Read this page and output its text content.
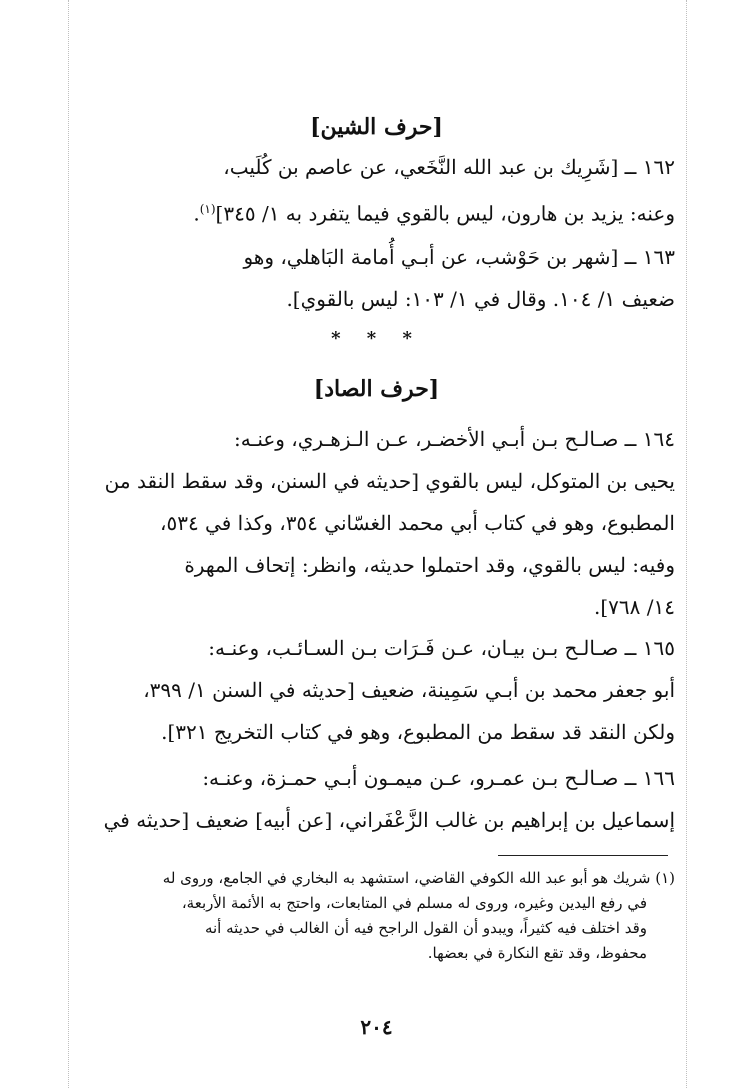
[حرف الشين]
١٦٢ ــ [شَرِيك بن عبد الله النَّخَعي، عن عاصم بن كُلَيب،
وعنه: يزيد بن هارون، ليس بالقوي فيما يتفرد به ١/ ٣٤٥]$^{(١)}$.
١٦٣ ــ [شهر بن حَوْشب، عن أبـي أُمامة البَاهلي، وهو
ضعيف ١/ ١٠٤. وقال في ١/ ١٠٣: ليس بالقوي].
* * *
[حرف الصاد]
١٦٤ ــ صـالـح بـن أبـي الأخضـر، عـن الـزهـري، وعنـه:
يحيى بن المتوكل، ليس بالقوي [حديثه في السنن، وقد سقط النقد من
المطبوع، وهو في كتاب أبي محمد الغسّاني ٣٥٤، وكذا في ٥٣٤،
وفيه: ليس بالقوي، وقد احتملوا حديثه، وانظر: إتحاف المهرة
١٤/ ٧٦٨].
١٦٥ ــ صـالـح بـن بيـان، عـن فَـرَات بـن السـائـب، وعنـه:
أبو جعفر محمد بن أبـي سَمِينة، ضعيف [حديثه في السنن ١/ ٣٩٩،
ولكن النقد قد سقط من المطبوع، وهو في كتاب التخريج ٣٢١].
١٦٦ ــ صـالـح بـن عمـرو، عـن ميمـون أبـي حمـزة، وعنـه:
إسماعيل بن إبراهيم بن غالب الزَّعْفَراني، [عن أبيه] ضعيف [حديثه في
(١) شريك هو أبو عبد الله الكوفي القاضي، استشهد به البخاري في الجامع، وروى له
في رفع اليدين وغيره، وروى له مسلم في المتابعات، واحتج به الأئمة الأربعة،
وقد اختلف فيه كثيراً، ويبدو أن القول الراجح فيه أن الغالب في حديثه أنه
محفوظ، وقد تقع النكارة في بعضها.
٢٠٤
